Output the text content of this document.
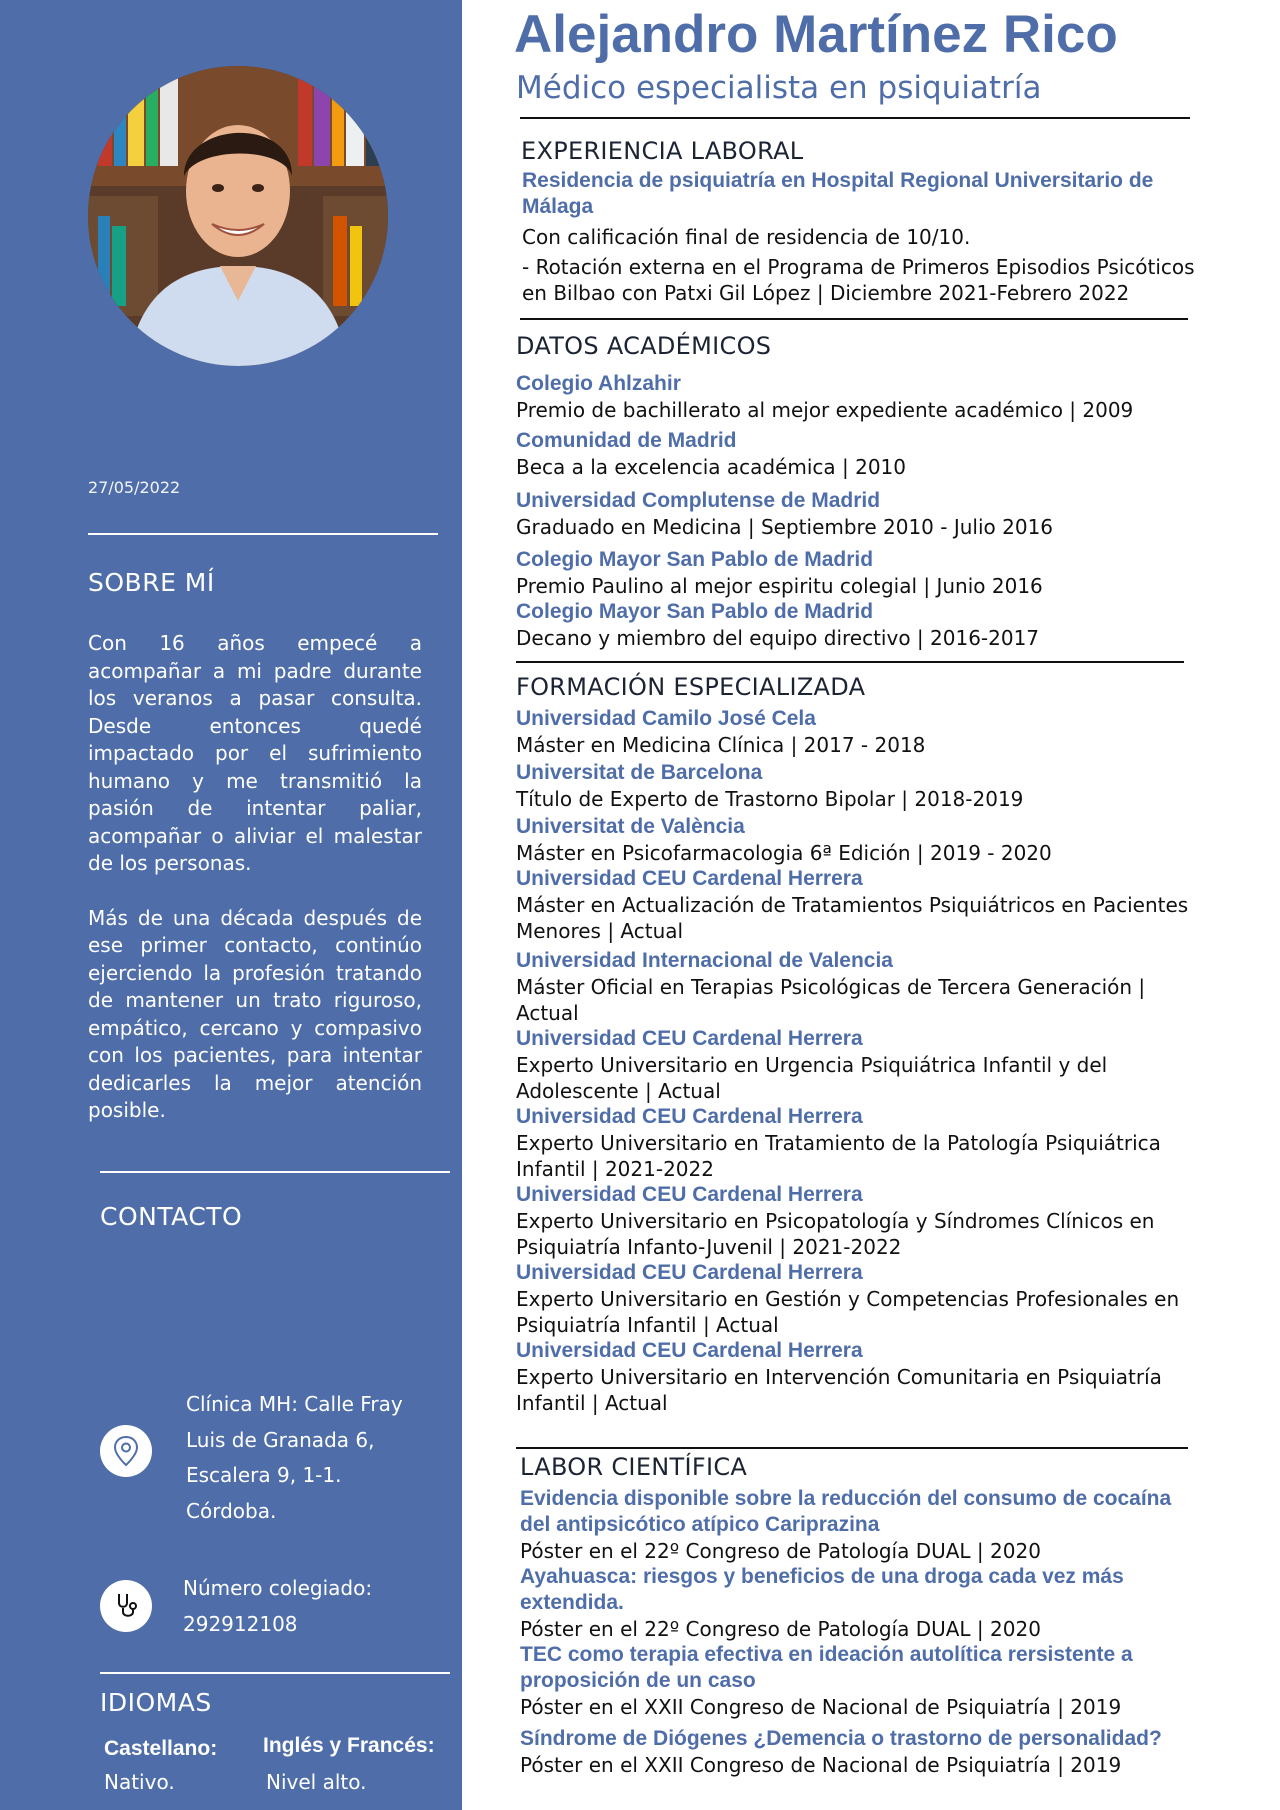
27/05/2022
SOBRE MÍ

Con 16 años empecé a acompañar a mi padre durante los veranos a pasar consulta. Desde entonces quedé impactado por el sufrimiento humano y me transmitió la pasión de intentar paliar, acompañar o aliviar el malestar de los personas.

Más de una década después de ese primer contacto, continúo ejerciendo la profesión tratando de mantener un trato riguroso, empático, cercano y compasivo con los pacientes, para intentar dedicarles la mejor atención posible.

CONTACTO
Clínica MH: Calle Fray
Luis de Granada 6,
Escalera 9, 1-1.
Córdoba.
Número colegiado:
292912108
IDIOMAS
Castellano:
Nativo.
Inglés y Francés:
Nivel alto.
Alejandro Martínez Rico
Médico especialista en psiquiatría
EXPERIENCIA LABORAL
Residencia de psiquiatría en Hospital Regional Universitario de Málaga
Con calificación final de residencia de 10/10.
- Rotación externa en el Programa de Primeros Episodios Psicóticos en Bilbao con Patxi Gil López | Diciembre 2021-Febrero 2022
DATOS ACADÉMICOS
Colegio Ahlzahir
Premio de bachillerato al mejor expediente académico | 2009
Comunidad de Madrid
Beca a la excelencia académica | 2010
Universidad Complutense de Madrid
Graduado en Medicina | Septiembre 2010 - Julio 2016
Colegio Mayor San Pablo de Madrid
Premio Paulino al mejor espiritu colegial | Junio 2016
Colegio Mayor San Pablo de Madrid
Decano y miembro del equipo directivo | 2016-2017
FORMACIÓN ESPECIALIZADA
Universidad Camilo José Cela
Máster en Medicina Clínica | 2017 - 2018
Universitat de Barcelona
Título de Experto de Trastorno Bipolar | 2018-2019
Universitat de València
Máster en Psicofarmacologia 6ª Edición | 2019 - 2020
Universidad CEU Cardenal Herrera
Máster en Actualización de Tratamientos Psiquiátricos en Pacientes Menores | Actual
Universidad Internacional de Valencia
Máster Oficial en Terapias Psicológicas de Tercera Generación | Actual
Universidad CEU Cardenal Herrera
Experto Universitario en Urgencia Psiquiátrica Infantil y del Adolescente | Actual
Universidad CEU Cardenal Herrera
Experto Universitario en Tratamiento de la Patología Psiquiátrica Infantil | 2021-2022
Universidad CEU Cardenal Herrera
Experto Universitario en Psicopatología y Síndromes Clínicos en Psiquiatría Infanto-Juvenil | 2021-2022
Universidad CEU Cardenal Herrera
Experto Universitario en Gestión y Competencias Profesionales en Psiquiatría Infantil | Actual
Universidad CEU Cardenal Herrera
Experto Universitario en Intervención Comunitaria en Psiquiatría Infantil | Actual
LABOR CIENTÍFICA
Evidencia disponible sobre la reducción del consumo de cocaína del antipsicótico atípico Cariprazina
Póster en el 22º Congreso de Patología DUAL | 2020
Ayahuasca: riesgos y beneficios de una droga cada vez más extendida.
Póster en el 22º Congreso de Patología DUAL | 2020
TEC como terapia efectiva en ideación autolítica rersistente a proposición de un caso
Póster en el XXII Congreso de Nacional de Psiquiatría | 2019
Síndrome de Diógenes ¿Demencia o trastorno de personalidad?
Póster en el XXII Congreso de Nacional de Psiquiatría | 2019
